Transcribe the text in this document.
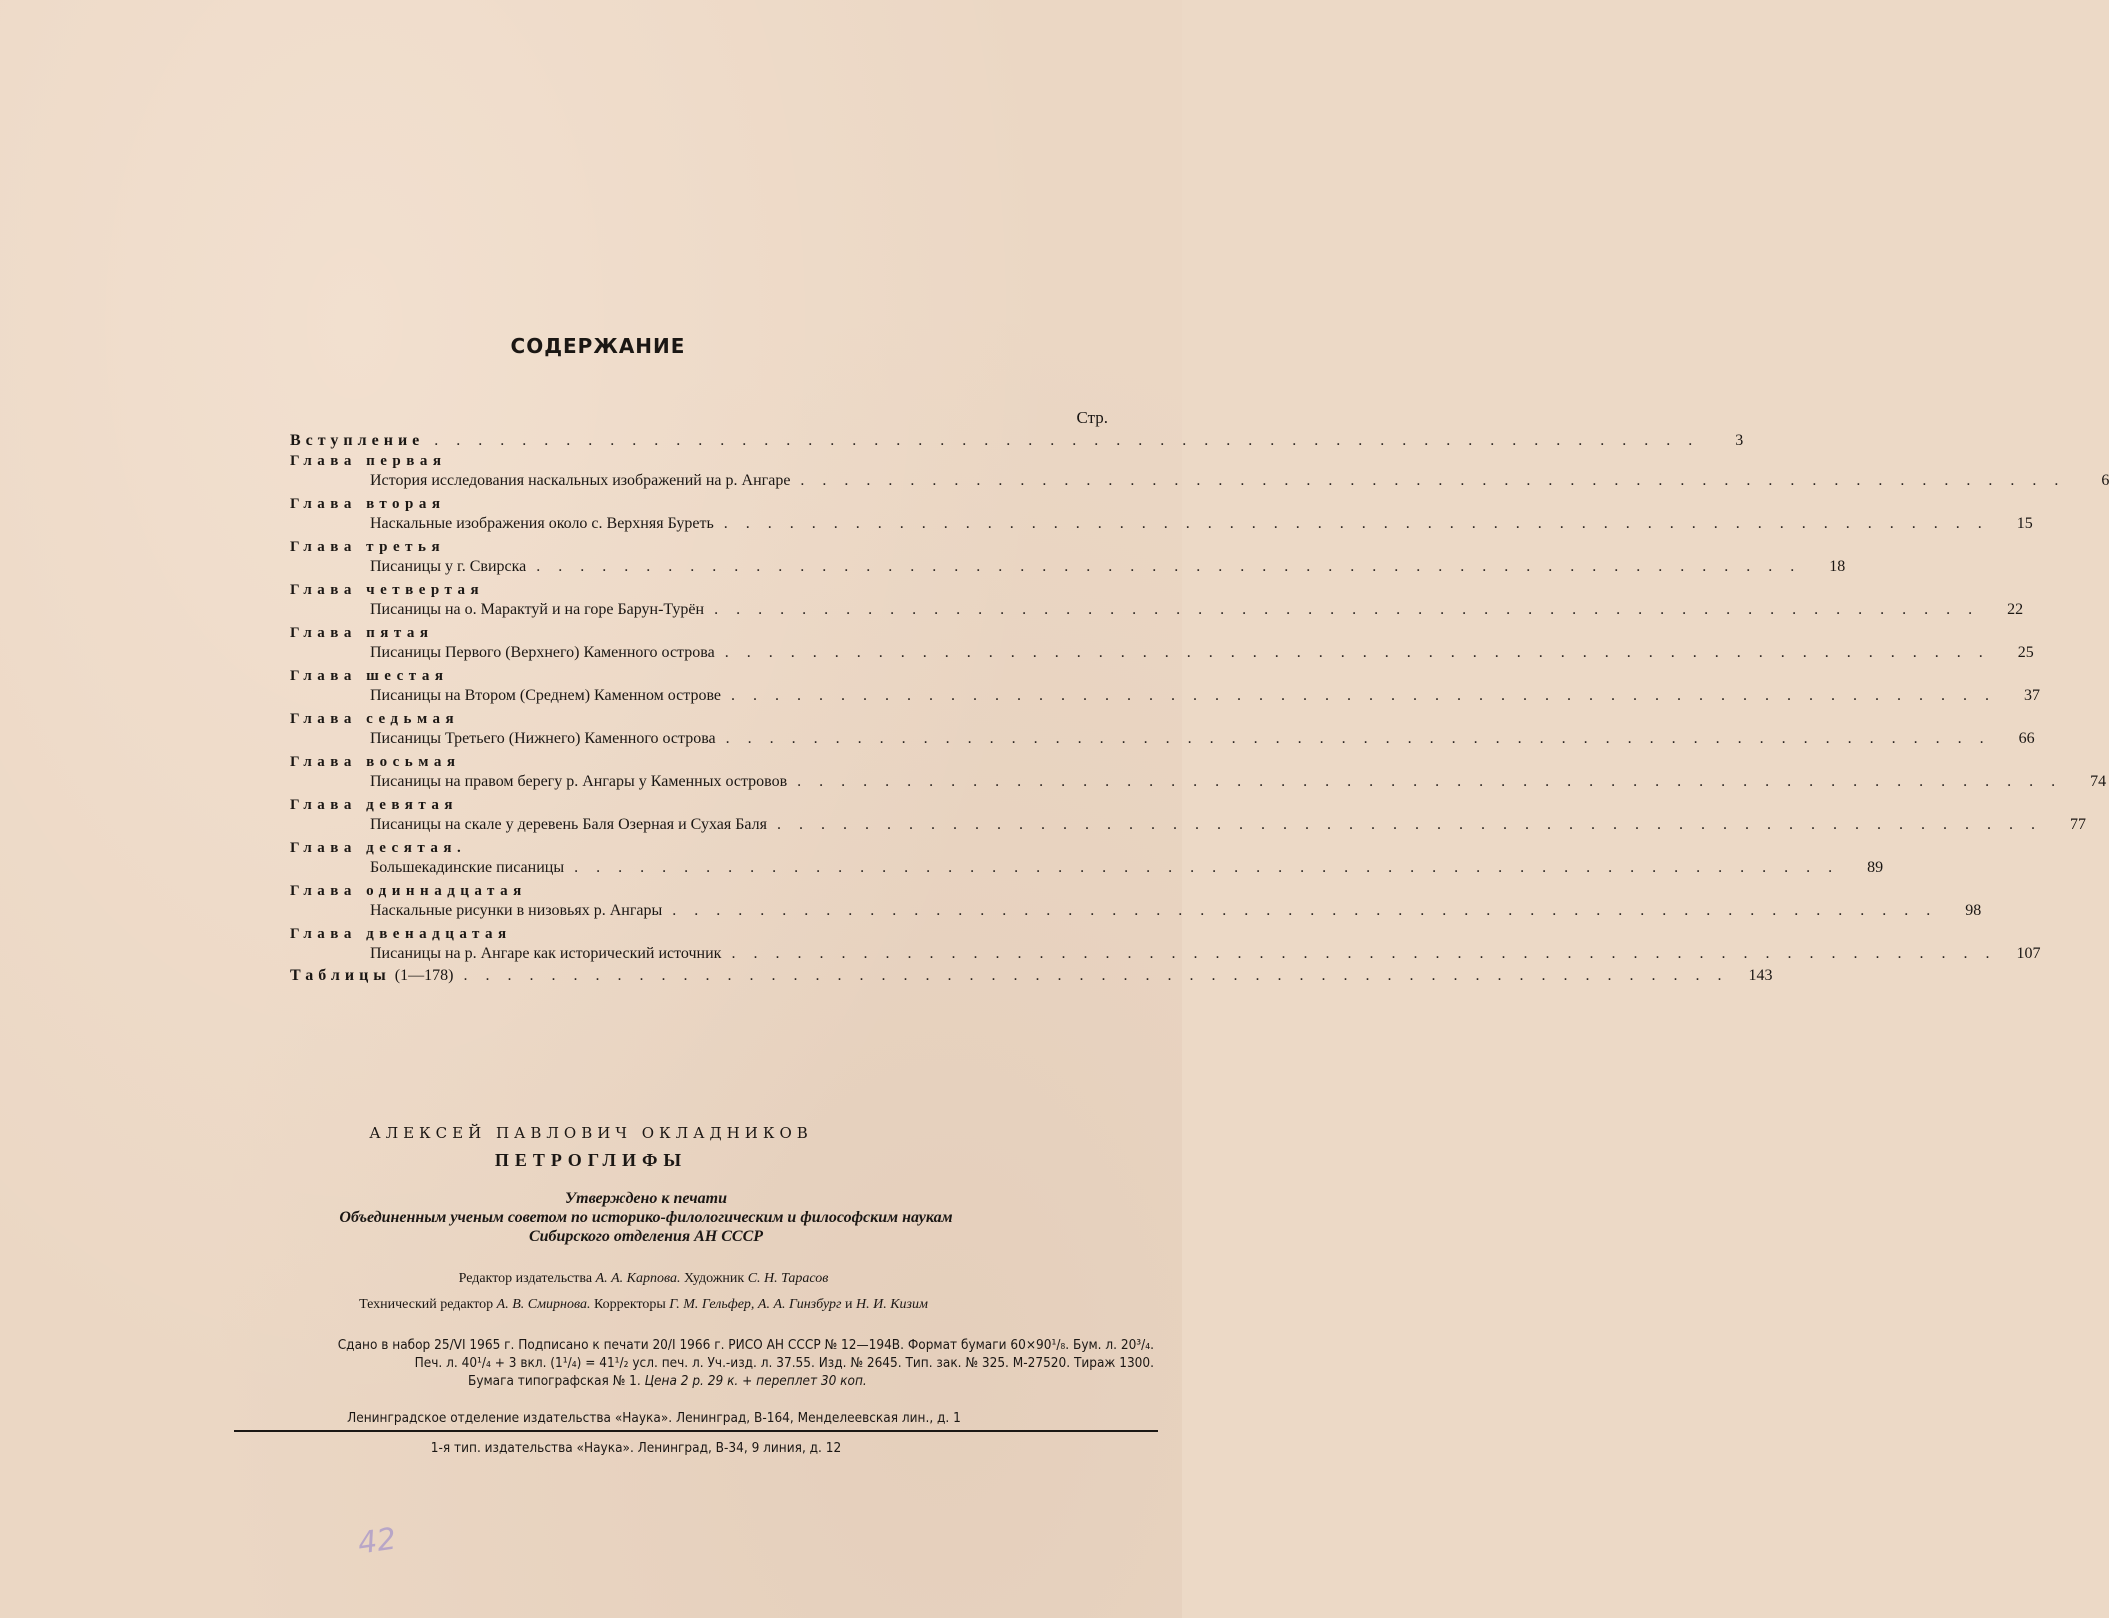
СОДЕРЖАНИЕ
Стр.
Вступление . . . . . . . . . . . . . . . . . . . . . . . . . . . . . . . . . . . . . . . . . . . . . . . . . . . . . . . . . .	3
Глава первая
История исследования наскальных изображений на р. Ангаре . . . . . . . . . . . . . . . . . . . . . . . . . . . . . . . . . . . . . . . . . . . . . . . . . . . . . . . . . .	6
Глава вторая
Наскальные изображения около с. Верхняя Буреть . . . . . . . . . . . . . . . . . . . . . . . . . . . . . . . . . . . . . . . . . . . . . . . . . . . . . . . . . .	15
Глава третья
Писаницы у г. Свирска . . . . . . . . . . . . . . . . . . . . . . . . . . . . . . . . . . . . . . . . . . . . . . . . . . . . . . . . . .	18
Глава четвертая
Писаницы на о. Марактуй и на горе Барун-Турён . . . . . . . . . . . . . . . . . . . . . . . . . . . . . . . . . . . . . . . . . . . . . . . . . . . . . . . . . .	22
Глава пятая
Писаницы Первого (Верхнего) Каменного острова . . . . . . . . . . . . . . . . . . . . . . . . . . . . . . . . . . . . . . . . . . . . . . . . . . . . . . . . . .	25
Глава шестая
Писаницы на Втором (Среднем) Каменном острове . . . . . . . . . . . . . . . . . . . . . . . . . . . . . . . . . . . . . . . . . . . . . . . . . . . . . . . . . .	37
Глава седьмая
Писаницы Третьего (Нижнего) Каменного острова . . . . . . . . . . . . . . . . . . . . . . . . . . . . . . . . . . . . . . . . . . . . . . . . . . . . . . . . . .	66
Глава восьмая
Писаницы на правом берегу р. Ангары у Каменных островов . . . . . . . . . . . . . . . . . . . . . . . . . . . . . . . . . . . . . . . . . . . . . . . . . . . . . . . . . .	74
Глава девятая
Писаницы на скале у деревень Баля Озерная и Сухая Баля . . . . . . . . . . . . . . . . . . . . . . . . . . . . . . . . . . . . . . . . . . . . . . . . . . . . . . . . . .	77
Глава десятая.
Большекадинские писаницы . . . . . . . . . . . . . . . . . . . . . . . . . . . . . . . . . . . . . . . . . . . . . . . . . . . . . . . . . .	89
Глава одиннадцатая
Наскальные рисунки в низовьях р. Ангары . . . . . . . . . . . . . . . . . . . . . . . . . . . . . . . . . . . . . . . . . . . . . . . . . . . . . . . . . .	98
Глава двенадцатая
Писаницы на р. Ангаре как исторический источник . . . . . . . . . . . . . . . . . . . . . . . . . . . . . . . . . . . . . . . . . . . . . . . . . . . . . . . . . .	107
Таблицы (1—178) . . . . . . . . . . . . . . . . . . . . . . . . . . . . . . . . . . . . . . . . . . . . . . . . . . . . . . . . . .	143
АЛЕКСЕЙ ПАВЛОВИЧ ОКЛАДНИКОВ
ПЕТРОГЛИФЫ
Утверждено к печати
Объединенным ученым советом по историко-филологическим и философским наукам
Сибирского отделения АН СССР
Редактор издательства А. А. Карпова. Художник С. Н. Тарасов
Технический редактор А. В. Смирнова. Корректоры Г. М. Гельфер, А. А. Гинзбург и Н. И. Кизим
Сдано в набор 25/VI 1965 г. Подписано к печати 20/I 1966 г. РИСО АН СССР № 12—194В. Формат бумаги 60×90¹/₈. Бум. л. 20³/₄.
Печ. л. 40¹/₄ + 3 вкл. (1¹/₄) = 41¹/₂ усл. печ. л. Уч.-изд. л. 37.55. Изд. № 2645. Тип. зак. № 325. М-27520. Тираж 1300.
Бумага типографская № 1. Цена 2 р. 29 к. + переплет 30 коп.
Ленинградское отделение издательства «Наука». Ленинград, В-164, Менделеевская лин., д. 1
1-я тип. издательства «Наука». Ленинград, В-34, 9 линия, д. 12
42
